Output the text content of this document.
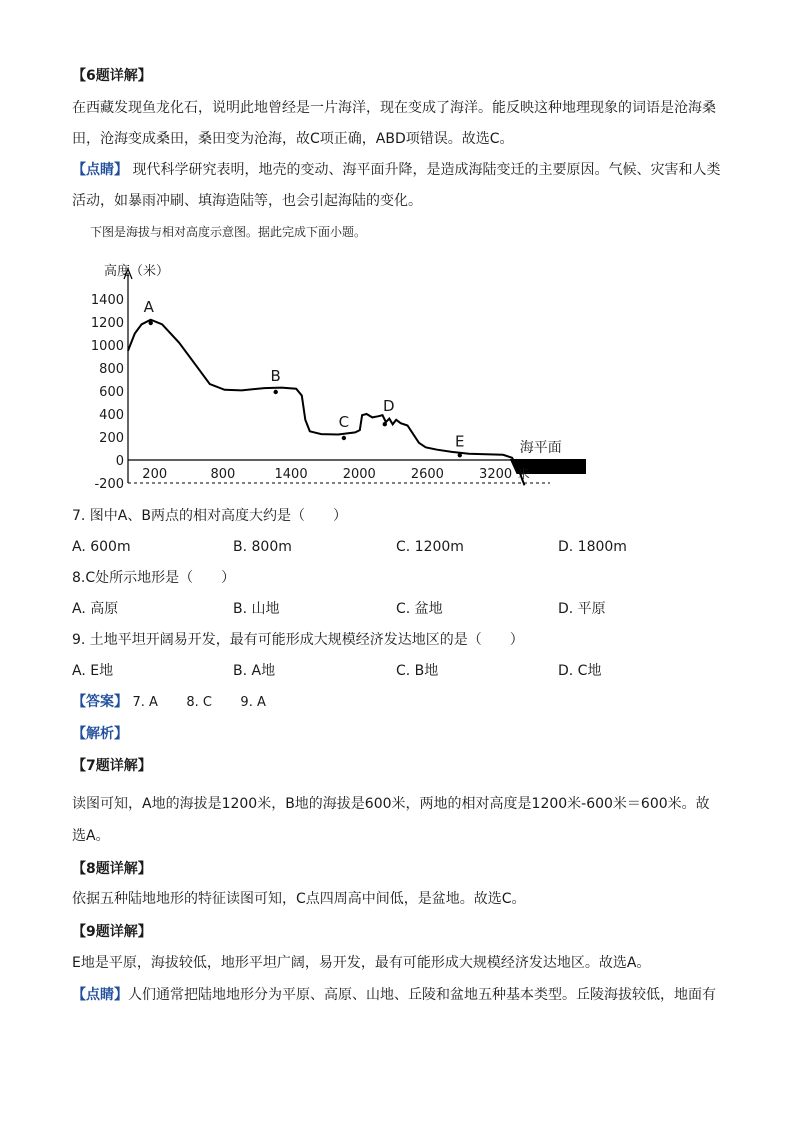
【6题详解】
在西藏发现鱼龙化石，说明此地曾经是一片海洋，现在变成了海洋。能反映这种地理现象的词语是沧海桑田，沧海变成桑田，桑田变为沧海，故C项正确，ABD项错误。故选C。
【点睛】 现代科学研究表明，地壳的变动、海平面升降，是造成海陆变迁的主要原因。气候、灾害和人类活动，如暴雨冲刷、填海造陆等，也会引起海陆的变化。
下图是海拔与相对高度示意图。据此完成下面小题。
高度（米）
1400
1200
1000
800
600
400
200
0
-200
200	800	1400	2000	2600	3200
A
B
C
D
E	海平面
米
7. 图中A、B两点的相对高度大约是（　　）
A. 600m	B. 800m	C. 1200m	D. 1800m
8.C处所示地形是（　　）
A. 高原	B. 山地	C. 盆地	D. 平原
9. 土地平坦开阔易开发，最有可能形成大规模经济发达地区的是（　　）
A. E地	B. A地	C. B地	D. C地
【答案】 7. A 8. C 9. A
【解析】
【7题详解】
读图可知，A地的海拔是1200米，B地的海拔是600米，两地的相对高度是1200米-600米＝600米。故选A。
【8题详解】
依据五种陆地地形的特征读图可知，C点四周高中间低，是盆地。故选C。
【9题详解】
E地是平原，海拔较低，地形平坦广阔，易开发，最有可能形成大规模经济发达地区。故选A。
【点睛】人们通常把陆地地形分为平原、高原、山地、丘陵和盆地五种基本类型。丘陵海拔较低，地面有
